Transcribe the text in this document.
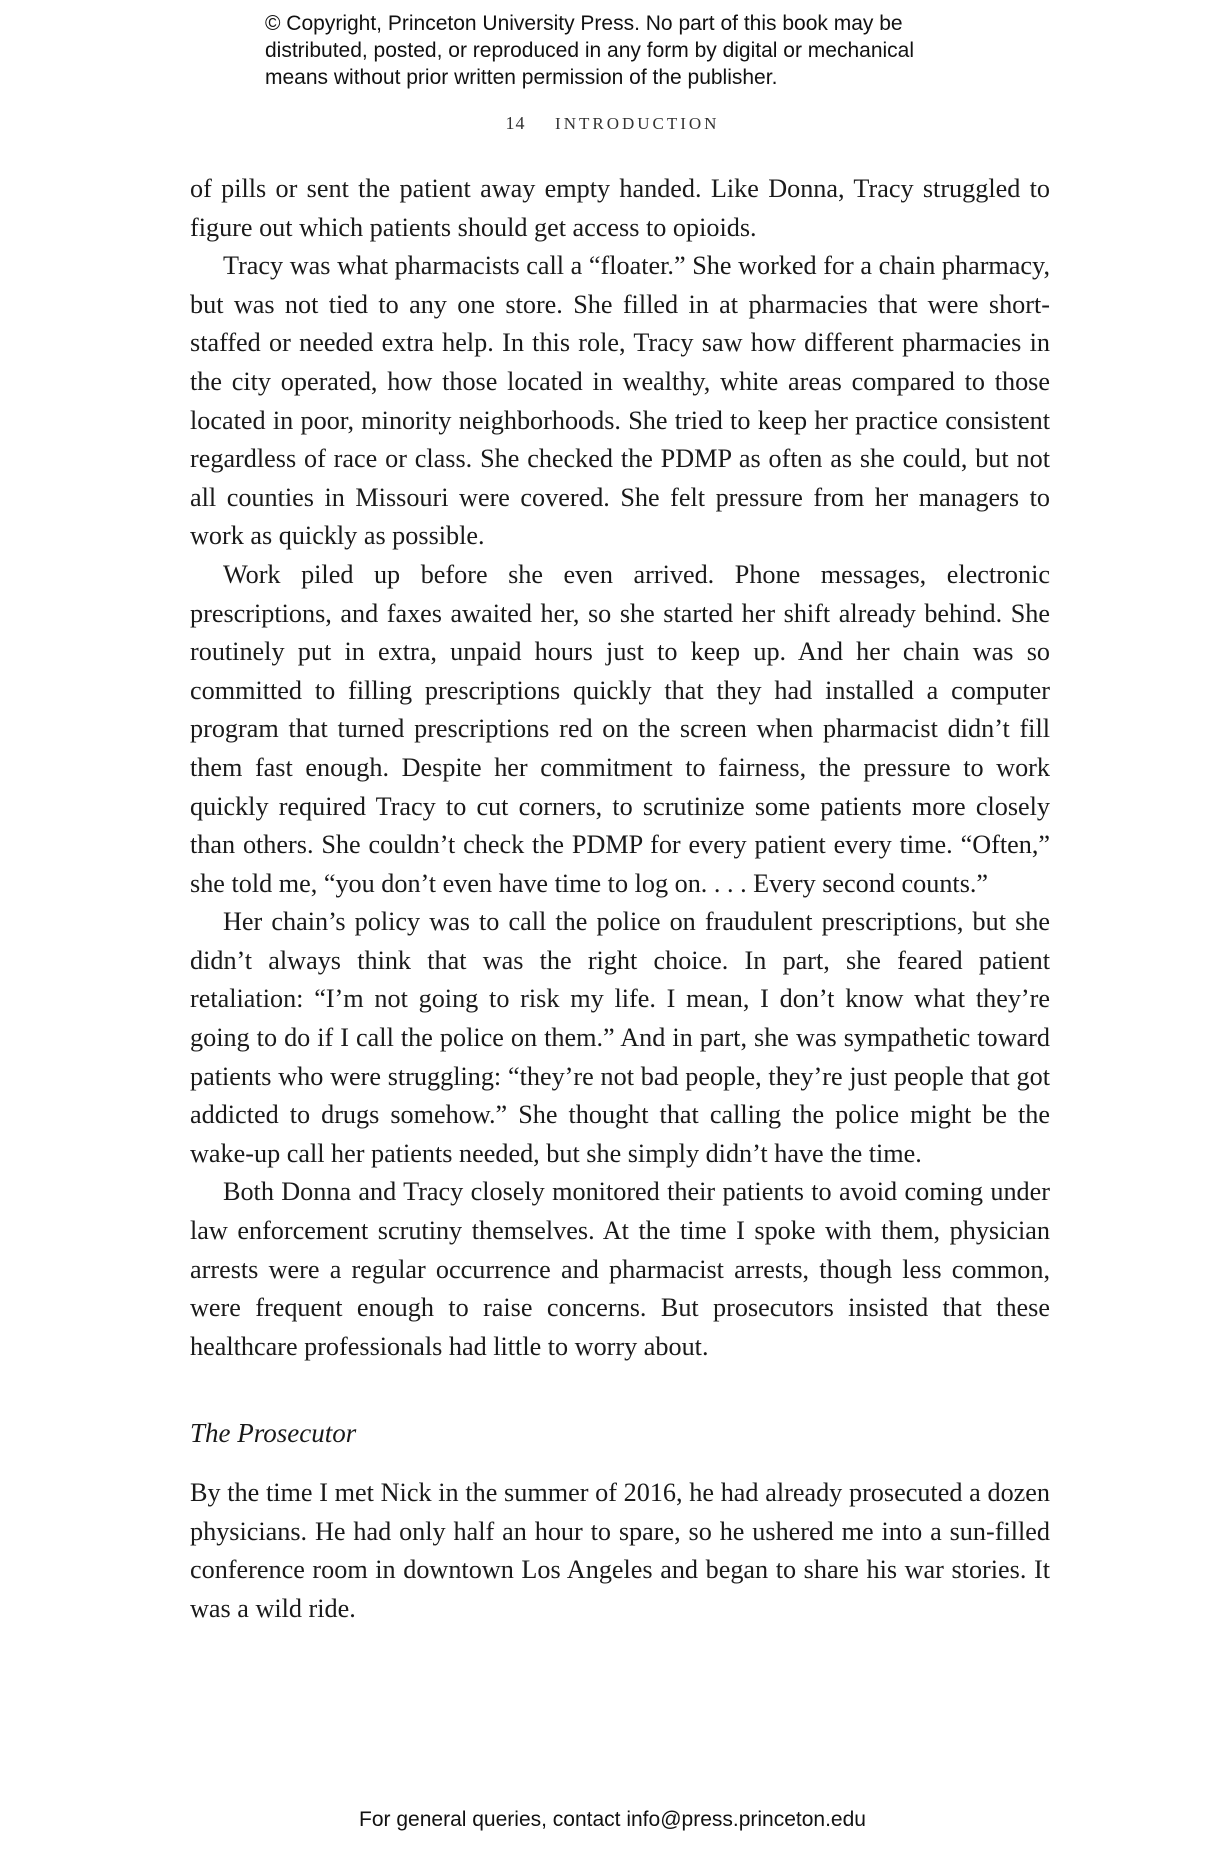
© Copyright, Princeton University Press. No part of this book may be
distributed, posted, or reproduced in any form by digital or mechanical
means without prior written permission of the publisher.
14 INTRODUCTION

of pills or sent the patient away empty handed. Like Donna, Tracy struggled to figure out which patients should get access to opioids.

Tracy was what pharmacists call a “floater.” She worked for a chain pharmacy, but was not tied to any one store. She filled in at pharmacies that were short-staffed or needed extra help. In this role, Tracy saw how different pharmacies in the city operated, how those located in wealthy, white areas compared to those located in poor, minority neighborhoods. She tried to keep her practice consistent regardless of race or class. She checked the PDMP as often as she could, but not all counties in Missouri were covered. She felt pressure from her managers to work as quickly as possible.

Work piled up before she even arrived. Phone messages, electronic prescriptions, and faxes awaited her, so she started her shift already behind. She routinely put in extra, unpaid hours just to keep up. And her chain was so committed to filling prescriptions quickly that they had installed a computer program that turned prescriptions red on the screen when pharmacist didn’t fill them fast enough. Despite her commitment to fairness, the pressure to work quickly required Tracy to cut corners, to scrutinize some patients more closely than others. She couldn’t check the PDMP for every patient every time. “Often,” she told me, “you don’t even have time to log on. . . . Every second counts.”

Her chain’s policy was to call the police on fraudulent prescriptions, but she didn’t always think that was the right choice. In part, she feared patient retaliation: “I’m not going to risk my life. I mean, I don’t know what they’re going to do if I call the police on them.” And in part, she was sympathetic toward patients who were struggling: “they’re not bad people, they’re just people that got addicted to drugs somehow.” She thought that calling the police might be the wake-up call her patients needed, but she simply didn’t have the time.

Both Donna and Tracy closely monitored their patients to avoid coming under law enforcement scrutiny themselves. At the time I spoke with them, physician arrests were a regular occurrence and pharmacist arrests, though less common, were frequent enough to raise concerns. But prosecutors insisted that these healthcare professionals had little to worry about.

The Prosecutor

By the time I met Nick in the summer of 2016, he had already prosecuted a dozen physicians. He had only half an hour to spare, so he ushered me into a sun-filled conference room in downtown Los Angeles and began to share his war stories. It was a wild ride.

For general queries, contact info@press.princeton.edu
